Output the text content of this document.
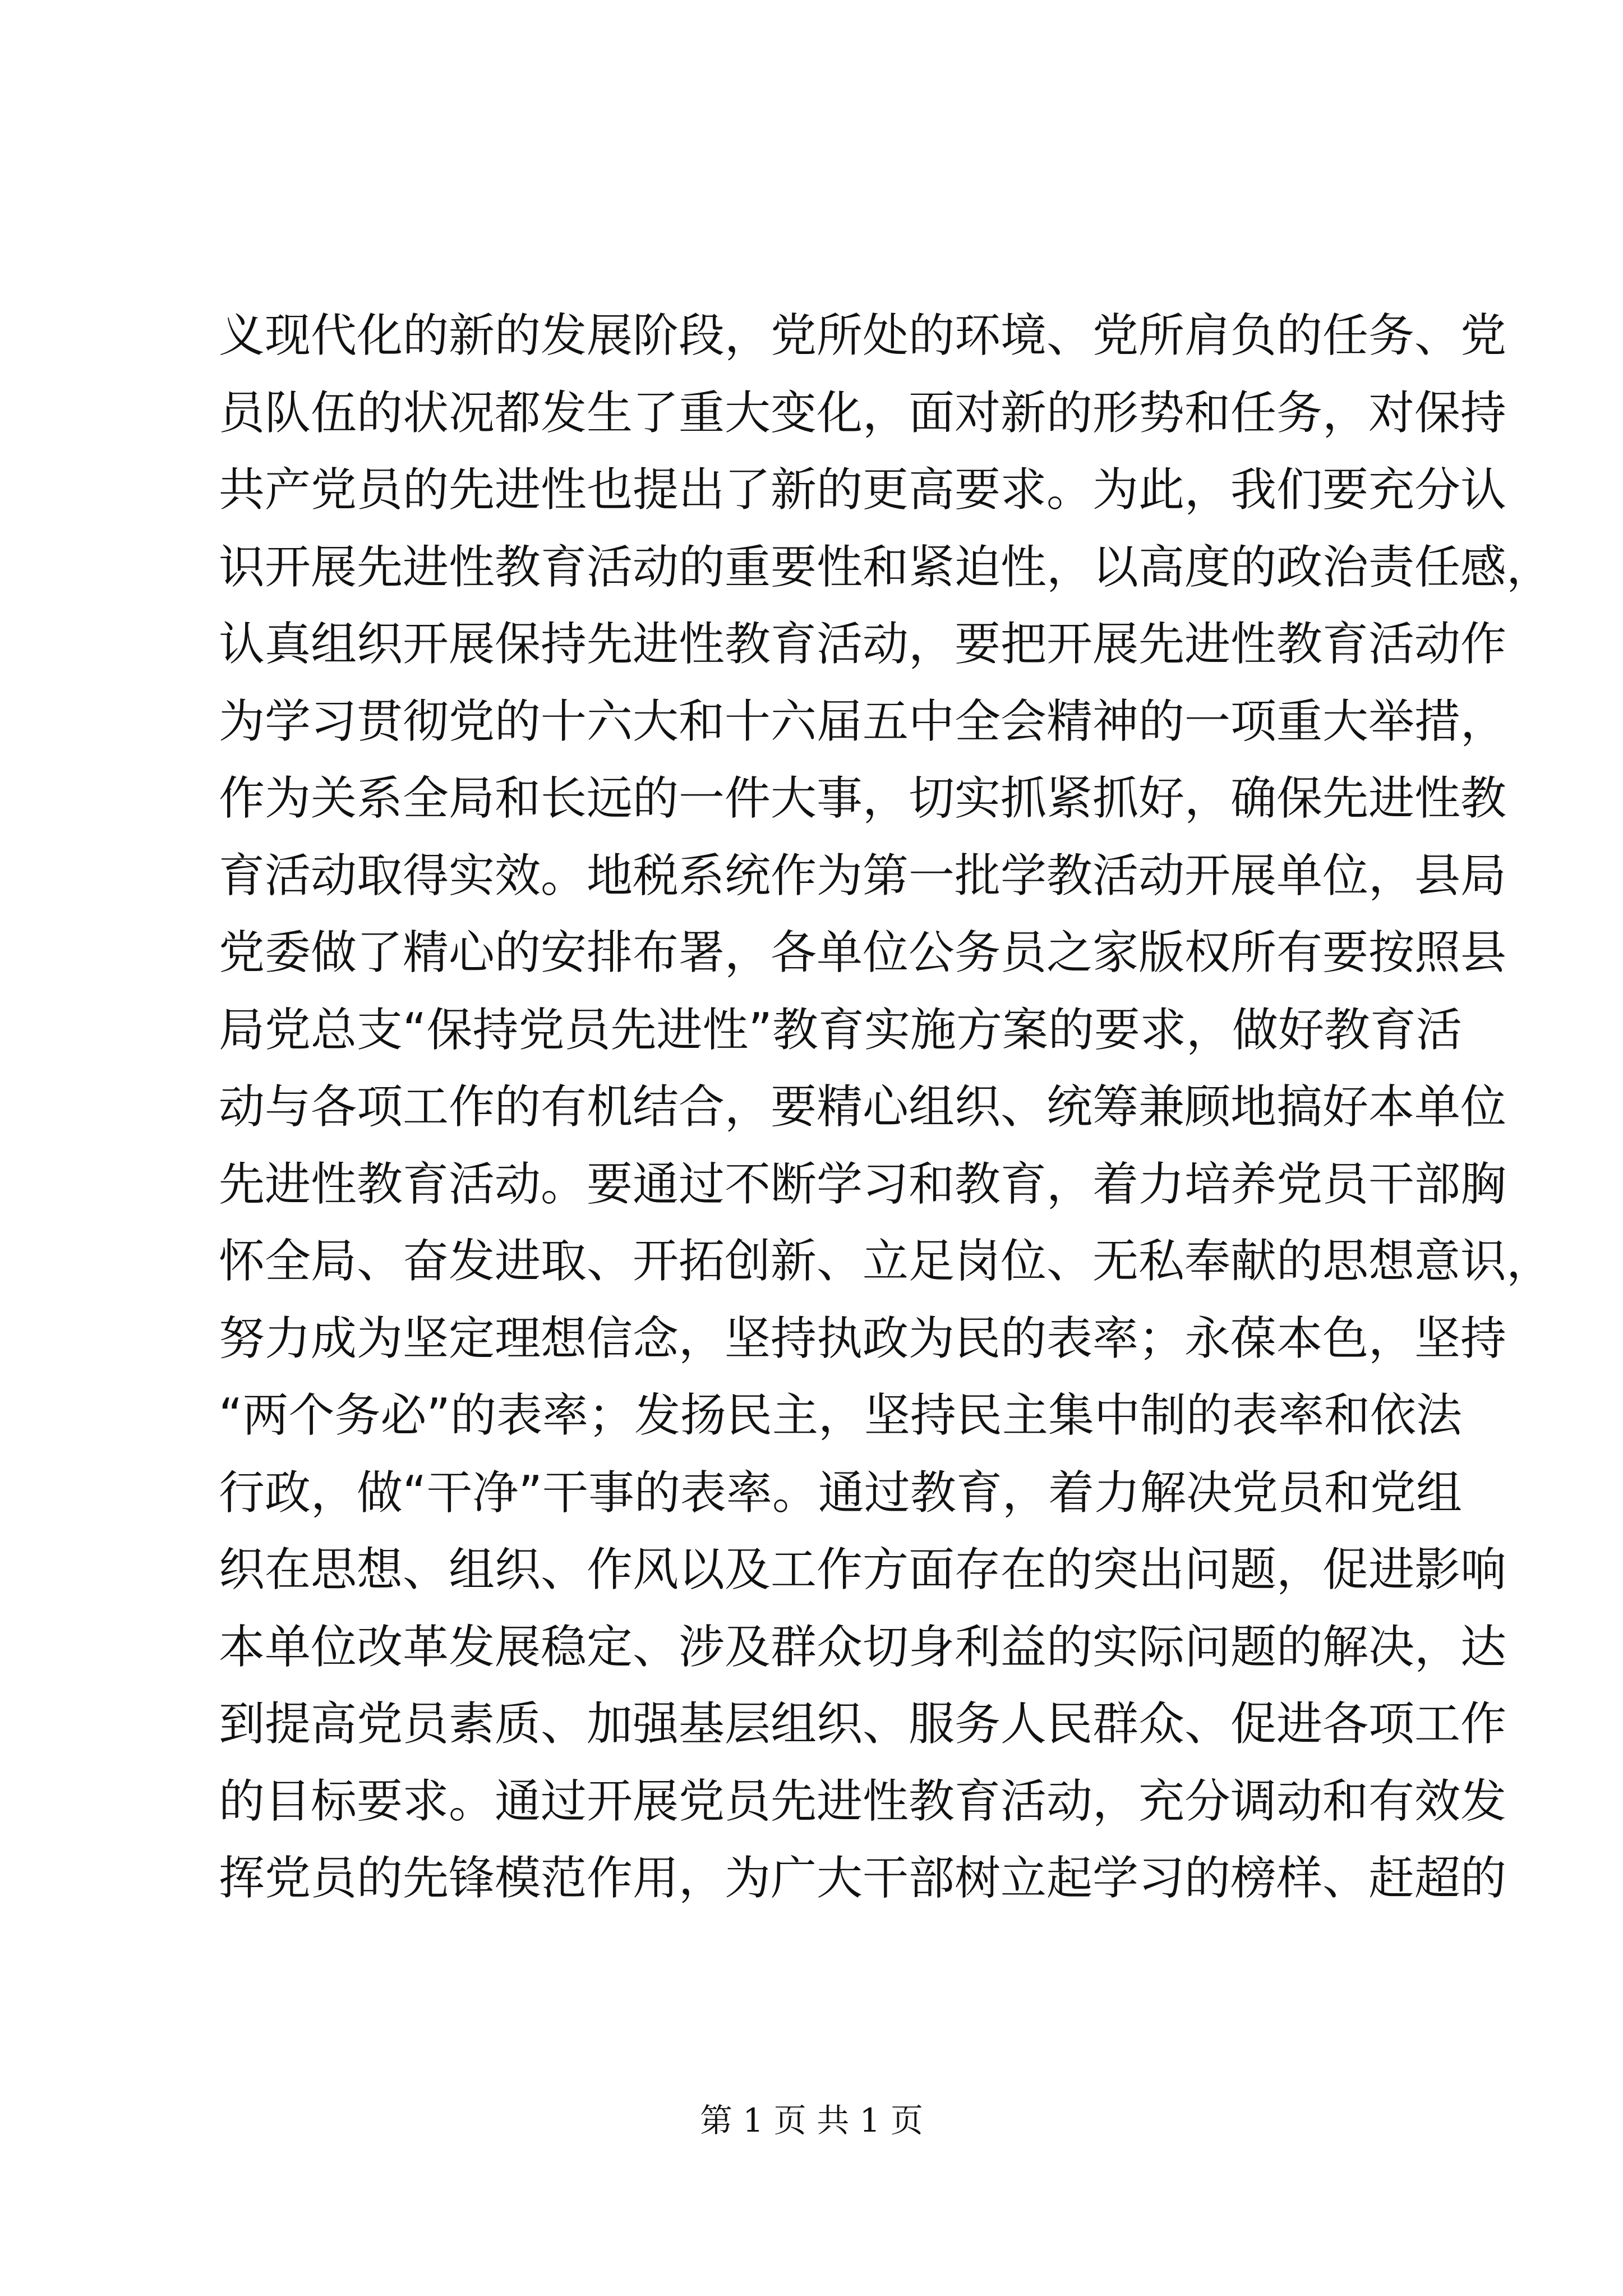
义现代化的新的发展阶段，党所处的环境、党所肩负的任务、党
员队伍的状况都发生了重大变化，面对新的形势和任务，对保持
共产党员的先进性也提出了新的更高要求。为此，我们要充分认
识开展先进性教育活动的重要性和紧迫性，以高度的政治责任感，
认真组织开展保持先进性教育活动，要把开展先进性教育活动作
为学习贯彻党的十六大和十六届五中全会精神的一项重大举措，
作为关系全局和长远的一件大事，切实抓紧抓好，确保先进性教
育活动取得实效。地税系统作为第一批学教活动开展单位，县局
党委做了精心的安排布署，各单位公务员之家版权所有要按照县
局党总支“保持党员先进性”教育实施方案的要求，做好教育活
动与各项工作的有机结合，要精心组织、统筹兼顾地搞好本单位
先进性教育活动。要通过不断学习和教育，着力培养党员干部胸
怀全局、奋发进取、开拓创新、立足岗位、无私奉献的思想意识，
努力成为坚定理想信念，坚持执政为民的表率；永葆本色，坚持
“两个务必”的表率；发扬民主，坚持民主集中制的表率和依法
行政，做“干净”干事的表率。通过教育，着力解决党员和党组
织在思想、组织、作风以及工作方面存在的突出问题，促进影响
本单位改革发展稳定、涉及群众切身利益的实际问题的解决，达
到提高党员素质、加强基层组织、服务人民群众、促进各项工作
的目标要求。通过开展党员先进性教育活动，充分调动和有效发
挥党员的先锋模范作用，为广大干部树立起学习的榜样、赶超的
第 1 页 共 1 页
